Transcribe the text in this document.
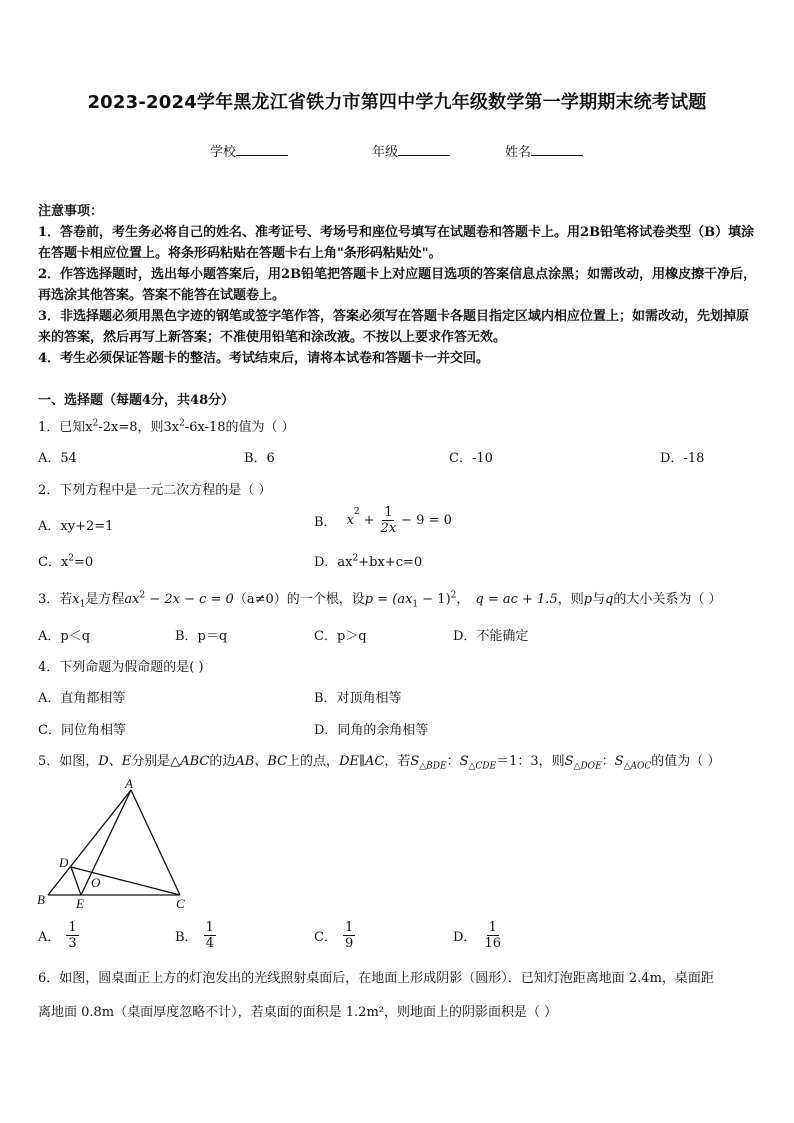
2023-2024学年黑龙江省铁力市第四中学九年级数学第一学期期末统考试题
学校	年级	姓名
注意事项：
1．答卷前，考生务必将自己的姓名、准考证号、考场号和座位号填写在试题卷和答题卡上。用2B铅笔将试卷类型（B）填涂在答题卡相应位置上。将条形码粘贴在答题卡右上角"条形码粘贴处"。
2．作答选择题时，选出每小题答案后，用2B铅笔把答题卡上对应题目选项的答案信息点涂黑；如需改动，用橡皮擦干净后，再选涂其他答案。答案不能答在试题卷上。
3．非选择题必须用黑色字迹的钢笔或签字笔作答，答案必须写在答题卡各题目指定区域内相应位置上；如需改动，先划掉原来的答案，然后再写上新答案；不准使用铅笔和涂改液。不按以上要求作答无效。
4．考生必须保证答题卡的整洁。考试结束后，请将本试卷和答题卡一并交回。
一、选择题（每题4分，共48分）
1．已知$x^2-2x=8$，则$3x^2-6x-18$的值为（ ）
A．54	B．6	C．-10	D．-18
2．下列方程中是一元二次方程的是（ ）
A．xy+2=1	B． x
$^2$
+ $\frac{1}{2x} - 9 = 0$
C．$x^2=0$	D．$ax^2+bx+c=0$
3．若$x_1$是方程$ax^2 - 2x - c = 0(a\ne 0)$的一个根，设$p = (ax_1 - 1)^2$， q = ac + 1.5，则p与q的大小关系为（ ）
A．p＜q	B．p＝q	C．p＞q	D．不能确定
4．下列命题为假命题的是( )
A．直角都相等	B．对顶角相等
C．同位角相等	D．同角的余角相等
5．如图，D、E分别是△ABC的边AB、BC上的点，DE∥AC，若$S_{\triangle BDE}$：$S_{\triangle CDE}=1$：3，则$S_{\triangle DOE}$：$S_{\triangle AOC}$的值为（ ）
A
D
O
B E	C
A． $\frac{1}{3}$	B． $\frac{1}{4}$	C． $\frac{1}{9}$	D． $\frac{1}{16}$
6．如图，圆桌面正上方的灯泡发出的光线照射桌面后，在地面上形成阴影（圆形）．已知灯泡距离地面 2.4m，桌面距
离地面 0.8m（桌面厚度忽略不计），若桌面的面积是 1.2m²，则地面上的阴影面积是（ ）
